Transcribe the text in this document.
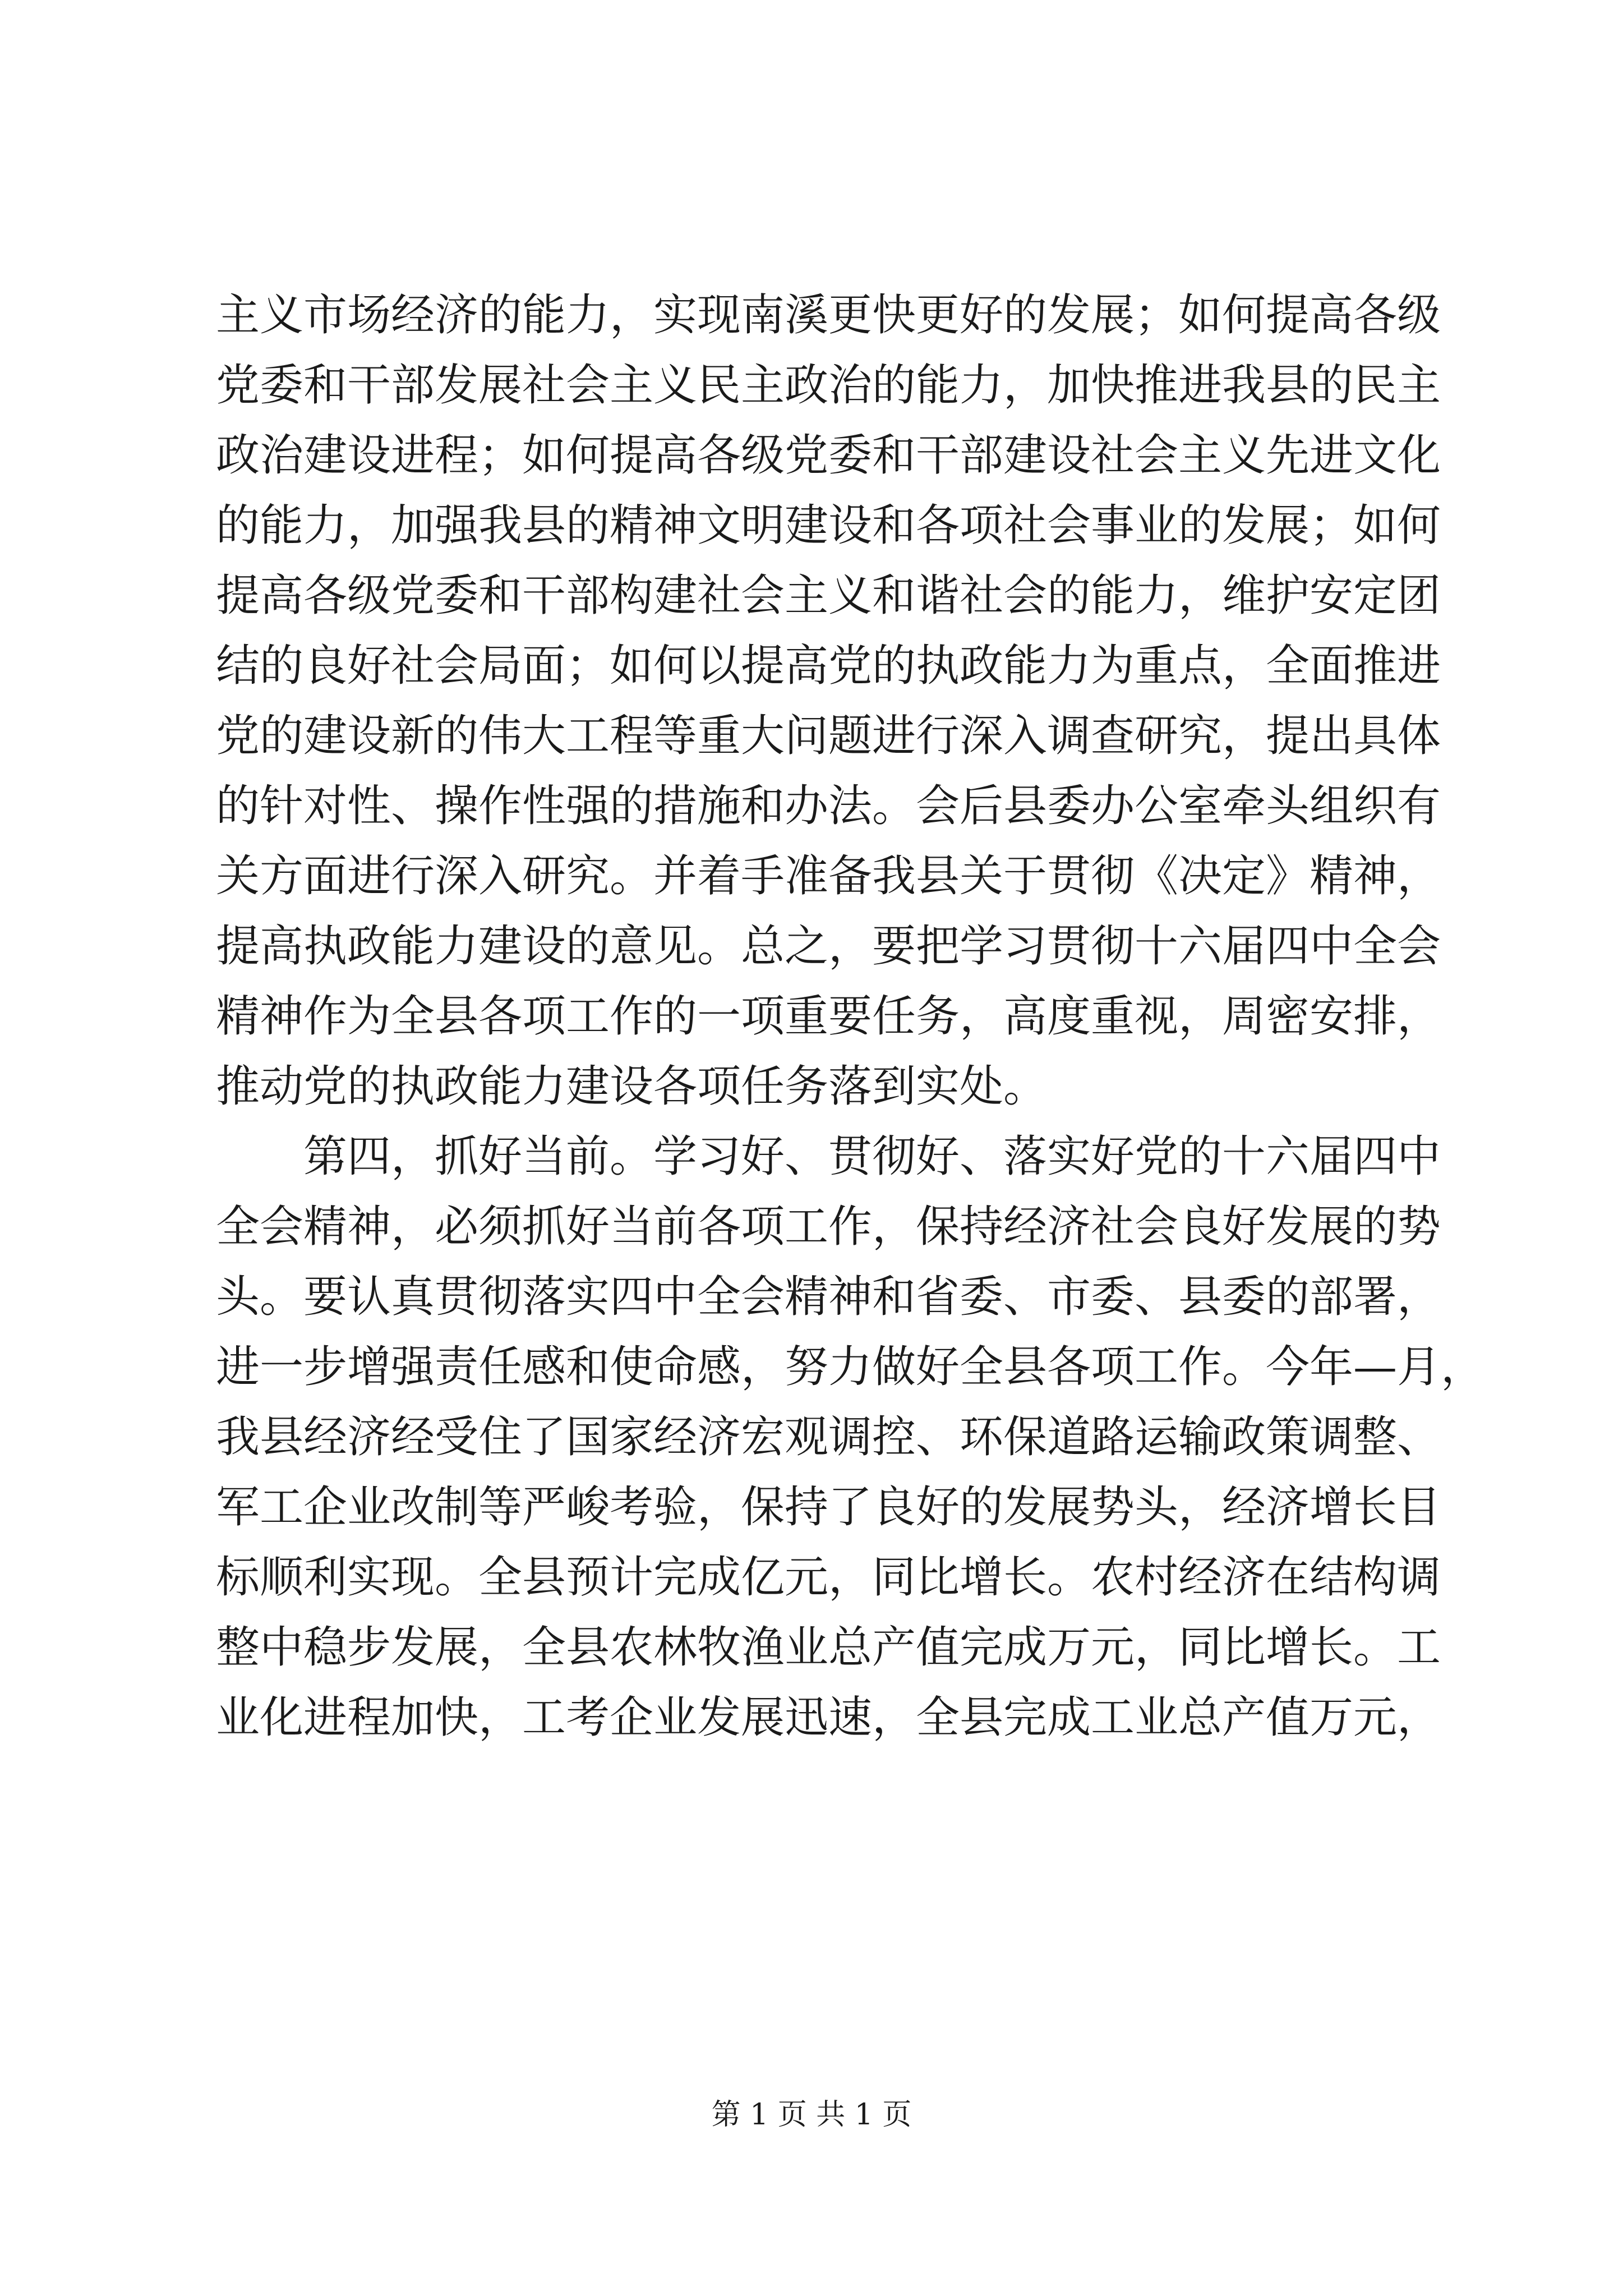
主义市场经济的能力，实现南溪更快更好的发展；如何提高各级
党委和干部发展社会主义民主政治的能力，加快推进我县的民主
政治建设进程；如何提高各级党委和干部建设社会主义先进文化
的能力，加强我县的精神文明建设和各项社会事业的发展；如何
提高各级党委和干部构建社会主义和谐社会的能力，维护安定团
结的良好社会局面；如何以提高党的执政能力为重点，全面推进
党的建设新的伟大工程等重大问题进行深入调查研究，提出具体
的针对性、操作性强的措施和办法。会后县委办公室牵头组织有
关方面进行深入研究。并着手准备我县关于贯彻《决定》精神，
提高执政能力建设的意见。总之，要把学习贯彻十六届四中全会
精神作为全县各项工作的一项重要任务，高度重视，周密安排，
推动党的执政能力建设各项任务落到实处。
第四，抓好当前。学习好、贯彻好、落实好党的十六届四中
全会精神，必须抓好当前各项工作，保持经济社会良好发展的势
头。要认真贯彻落实四中全会精神和省委、市委、县委的部署，
进一步增强责任感和使命感，努力做好全县各项工作。今年—月，
我县经济经受住了国家经济宏观调控、环保道路运输政策调整、
军工企业改制等严峻考验，保持了良好的发展势头，经济增长目
标顺利实现。全县预计完成亿元，同比增长。农村经济在结构调
整中稳步发展，全县农林牧渔业总产值完成万元，同比增长。工
业化进程加快，工考企业发展迅速，全县完成工业总产值万元，
第 1 页 共 1 页
